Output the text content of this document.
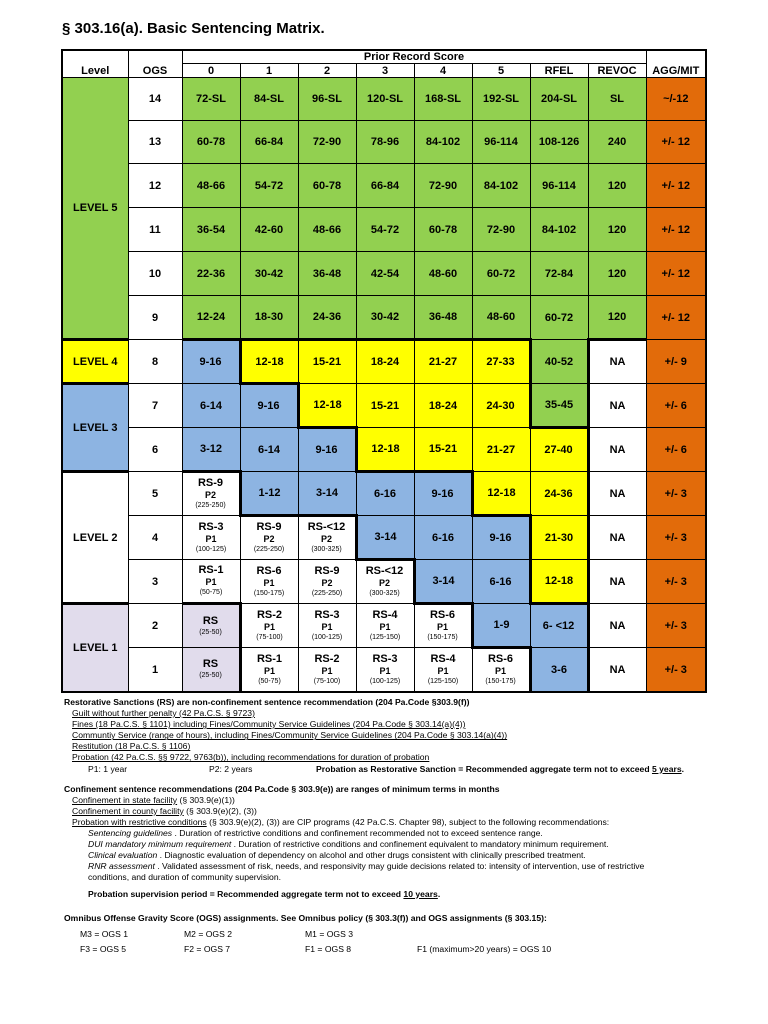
§ 303.16(a). Basic Sentencing Matrix.
Level	OGS	Prior Record Score								AGG/MIT
		0	1	2	3	4	5	RFEL	REVOC	
LEVEL 5	14	72-SL	84-SL	96-SL	120-SL	168-SL	192-SL	204-SL	SL	~/-12
	13	60-78	66-84	72-90	78-96	84-102	96-114	108-126	240	+/- 12
	12	48-66	54-72	60-78	66-84	72-90	84-102	96-114	120	+/- 12
	11	36-54	42-60	48-66	54-72	60-78	72-90	84-102	120	+/- 12
	10	22-36	30-42	36-48	42-54	48-60	60-72	72-84	120	+/- 12
	9	12-24	18-30	24-36	30-42	36-48	48-60	60-72	120	+/- 12
LEVEL 4	8	9-16	12-18	15-21	18-24	21-27	27-33	40-52	NA	+/- 9
LEVEL 3	7	6-14	9-16	12-18	15-21	18-24	24-30	35-45	NA	+/- 6
	6	3-12	6-14	9-16	12-18	15-21	21-27	27-40	NA	+/- 6
LEVEL 2	5	RS-9
P2
(225-250)	1-12	3-14	6-16	9-16	12-18	24-36	NA	+/- 3
	4	RS-3
P1
(100-125)	RS-9
P2
(225-250)	RS-<12
P2
(300-325)	3-14	6-16	9-16	21-30	NA	+/- 3
	3	RS-1
P1
(50-75)	RS-6
P1
(150-175)	RS-9
P2
(225-250)	RS-<12
P2
(300-325)	3-14	6-16	12-18	NA	+/- 3
LEVEL 1	2	RS
(25-50)	RS-2
P1
(75-100)	RS-3
P1
(100-125)	RS-4
P1
(125-150)	RS-6
P1
(150-175)	1-9	6- <12	NA	+/- 3
	1	RS
(25-50)	RS-1
P1
(50-75)	RS-2
P1
(75-100)	RS-3
P1
(100-125)	RS-4
P1
(125-150)	RS-6
P1
(150-175)	3-6	NA	+/- 3
Restorative Sanctions (RS) are non-confinement sentence recommendation (204 Pa.Code §303.9(f))
Guilt without further penalty (42 Pa.C.S. § 9723)
Fines (18 Pa.C.S. § 1101) including Fines/Community Service Guidelines (204 Pa.Code § 303.14(a)(4))
Communtiy Service (range of hours), including Fines/Community Service Guidelines (204 Pa.Code § 303.14(a)(4))
Restitution (18 Pa.C.S. § 1106)
Probation (42 Pa.C.S. §§ 9722, 9763(b)), including recommendations for duration of probation
P1: 1 year	P2: 2 years	Probation as Restorative Sanction = Recommended aggregate term not to exceed 5 years.
Confinement sentence recommendations (204 Pa.Code § 303.9(e)) are ranges of minimum terms in months
Confinement in state facility (§ 303.9(e)(1))
Confinement in county facility (§ 303.9(e)(2), (3))
Probation with restrictive conditions (§ 303.9(e)(2), (3)) are CIP programs (42 Pa.C.S. Chapter 98), subject to the following recommendations:
Sentencing guidelines . Duration of restrictive conditions and confinement recommended not to exceed sentence range.
DUI mandatory minimum requirement . Duration of restrictive conditions and confinement equivalent to mandatory minimum requirement.
Clinical evaluation . Diagnostic evaluation of dependency on alcohol and other drugs consistent with clinically prescribed treatment.
RNR assessment . Validated assessment of risk, needs, and responsivity may guide decisions related to: intensity of intervention, use of restrictive
conditions, and duration of community supervision.
Probation supervision period = Recommended aggregate term not to exceed 10 years.
Omnibus Offense Gravity Score (OGS) assignments. See Omnibus policy (§ 303.3(f)) and OGS assignments (§ 303.15):
M3 = OGS 1	M2 = OGS 2	M1 = OGS 3
F3 = OGS 5	F2 = OGS 7	F1 = OGS 8	F1 (maximum>20 years) = OGS 10
